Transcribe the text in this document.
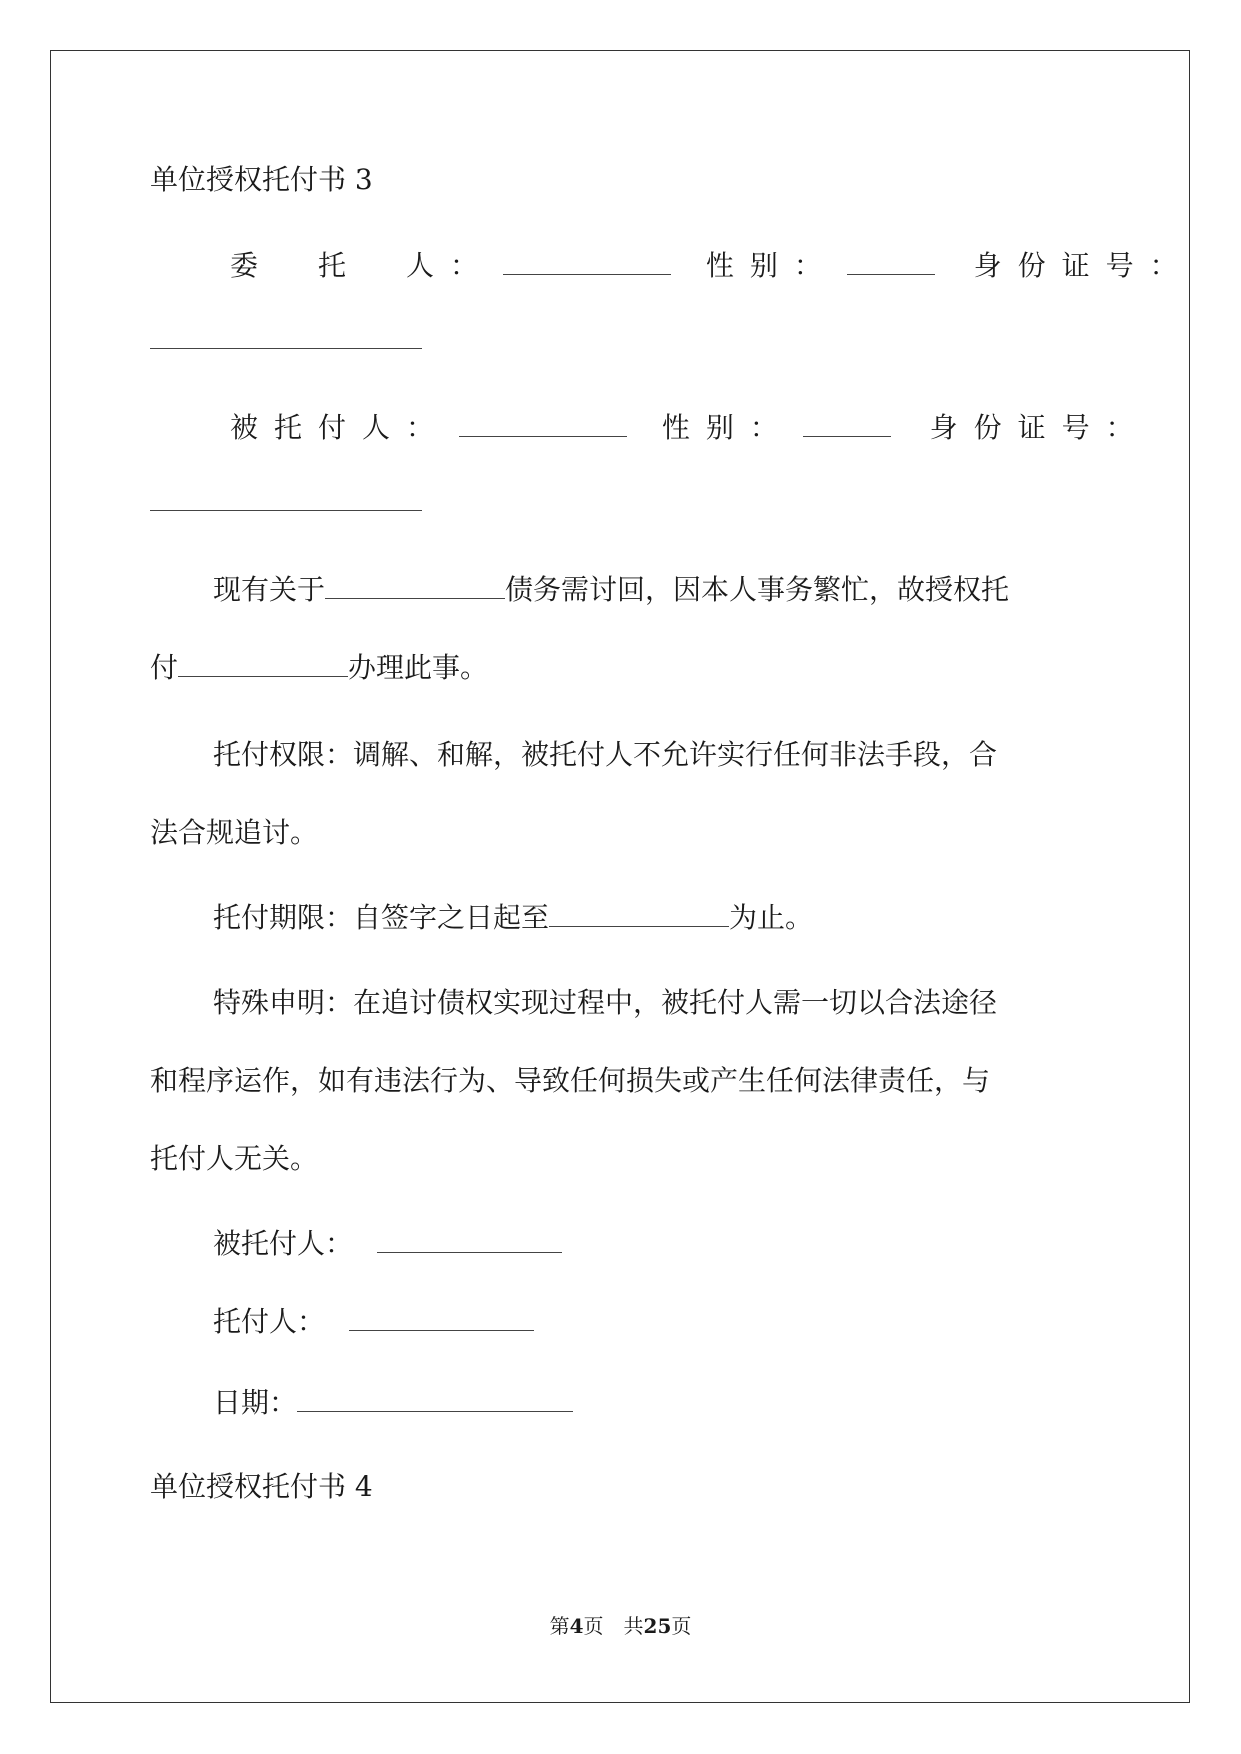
单位授权托付书 3
委　托　人：	性别：	身份证号：
被托付人：	性别：	身份证号：
现有关于	债务需讨回，因本人事务繁忙，故授权托
付	办理此事。
托付权限：调解、和解，被托付人不允许实行任何非法手段，合
法合规追讨。
托付期限：自签字之日起至	为止。
特殊申明：在追讨债权实现过程中，被托付人需一切以合法途径
和程序运作，如有违法行为、导致任何损失或产生任何法律责任，与
托付人无关。
被托付人：
托付人：
日期：
单位授权托付书 4
第4页　共25页
